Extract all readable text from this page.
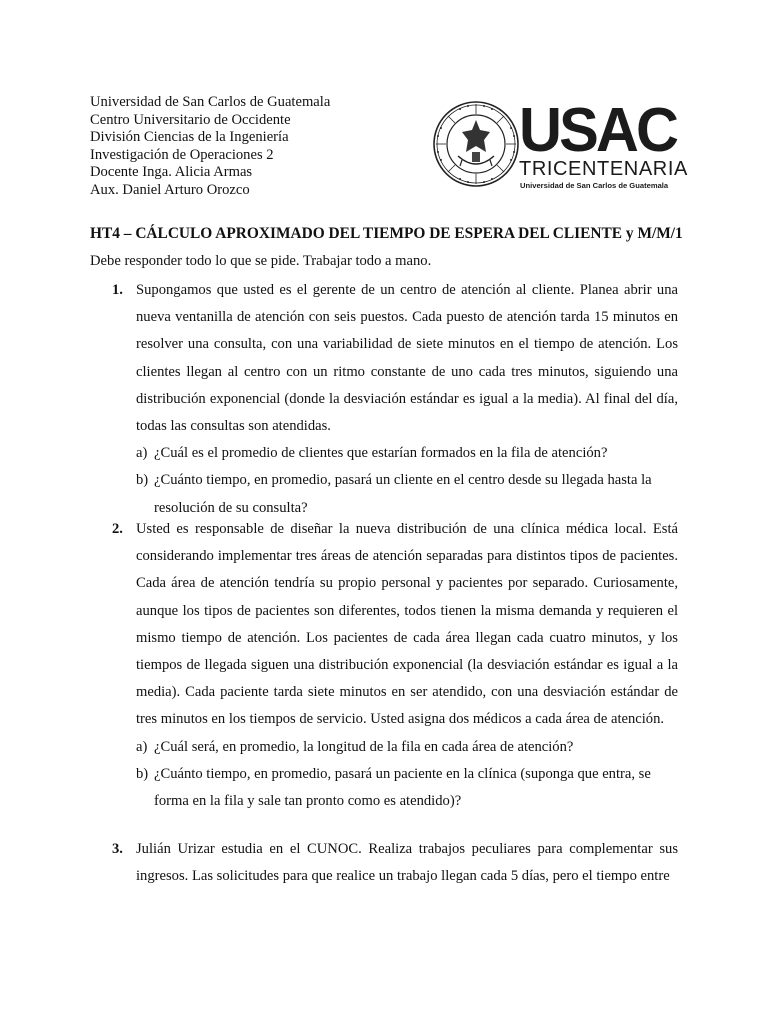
Universidad de San Carlos de Guatemala
Centro Universitario de Occidente
División Ciencias de la Ingeniería
Investigación de Operaciones 2
Docente Inga. Alicia Armas
Aux. Daniel Arturo Orozco
USAC
TRICENTENARIA
Universidad de San Carlos de Guatemala
HT4 – CÁLCULO APROXIMADO DEL TIEMPO DE ESPERA DEL CLIENTE y M/M/1
Debe responder todo lo que se pide. Trabajar todo a mano.
1. Supongamos que usted es el gerente de un centro de atención al cliente. Planea abrir una nueva ventanilla de atención con seis puestos. Cada puesto de atención tarda 15 minutos en resolver una consulta, con una variabilidad de siete minutos en el tiempo de atención. Los clientes llegan al centro con un ritmo constante de uno cada tres minutos, siguiendo una distribución exponencial (donde la desviación estándar es igual a la media). Al final del día, todas las consultas son atendidas.
a) ¿Cuál es el promedio de clientes que estarían formados en la fila de atención?
b) ¿Cuánto tiempo, en promedio, pasará un cliente en el centro desde su llegada hasta la resolución de su consulta?
2. Usted es responsable de diseñar la nueva distribución de una clínica médica local. Está considerando implementar tres áreas de atención separadas para distintos tipos de pacientes. Cada área de atención tendría su propio personal y pacientes por separado. Curiosamente, aunque los tipos de pacientes son diferentes, todos tienen la misma demanda y requieren el mismo tiempo de atención. Los pacientes de cada área llegan cada cuatro minutos, y los tiempos de llegada siguen una distribución exponencial (la desviación estándar es igual a la media). Cada paciente tarda siete minutos en ser atendido, con una desviación estándar de tres minutos en los tiempos de servicio. Usted asigna dos médicos a cada área de atención.
a) ¿Cuál será, en promedio, la longitud de la fila en cada área de atención?
b) ¿Cuánto tiempo, en promedio, pasará un paciente en la clínica (suponga que entra, se forma en la fila y sale tan pronto como es atendido)?
3. Julián Urizar estudia en el CUNOC. Realiza trabajos peculiares para complementar sus ingresos. Las solicitudes para que realice un trabajo llegan cada 5 días, pero el tiempo entre
